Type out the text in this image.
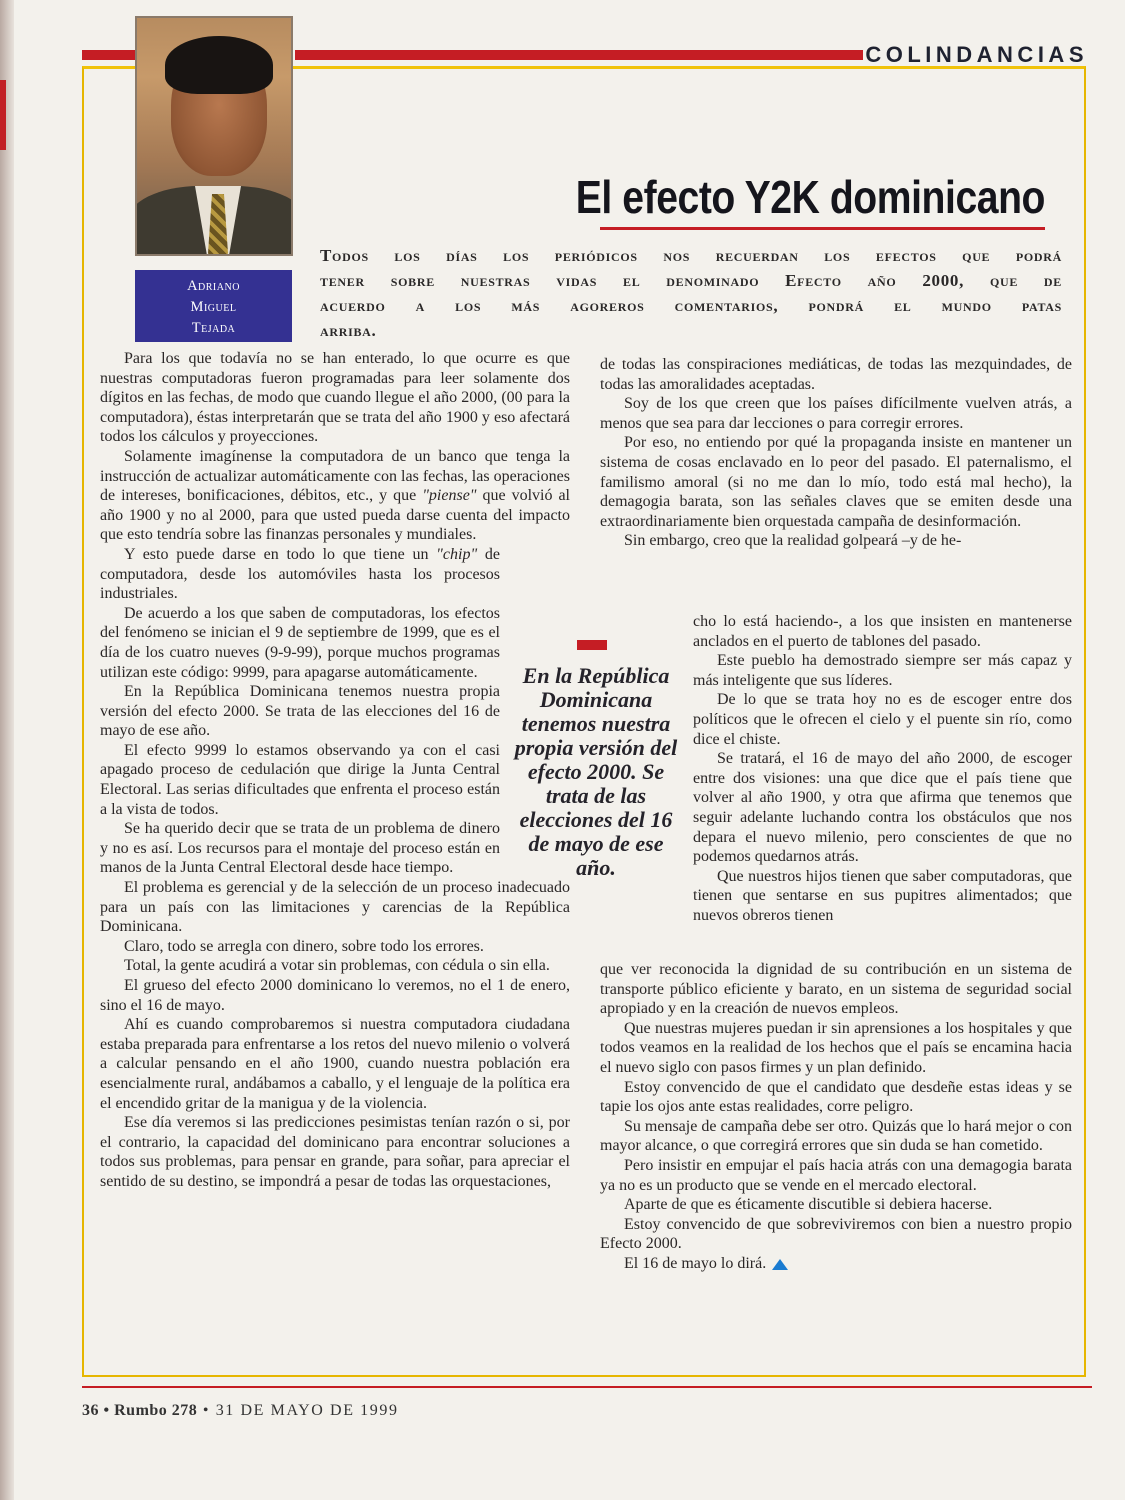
COLINDANCIAS
Adriano
Miguel
Tejada
El efecto Y2K dominicano
Todos los días los periódicos nos recuerdan los efectos que podrá
tener sobre nuestras vidas el denominado Efecto año 2000, que de
acuerdo a los más agoreros comentarios, pondrá el mundo patas
arriba.

Para los que todavía no se han enterado, lo que ocurre es que nuestras computadoras fueron programadas para leer solamente dos dígitos en las fechas, de modo que cuando llegue el año 2000, (00 para la computadora), éstas interpretarán que se trata del año 1900 y eso afectará todos los cálculos y proyecciones.

Solamente imagínense la computadora de un banco que tenga la instrucción de actualizar automáticamente con las fechas, las operaciones de intereses, bonificaciones, débitos, etc., y que "piense" que volvió al año 1900 y no al 2000, para que usted pueda darse cuenta del impacto que esto tendría sobre las finanzas personales y mundiales.

Y esto puede darse en todo lo que tiene un "chip" de computadora, desde los automóviles hasta los procesos industriales.

De acuerdo a los que saben de computadoras, los efectos del fenómeno se inician el 9 de septiembre de 1999, que es el día de los cuatro nueves (9-9-99), porque muchos programas utilizan este código: 9999, para apagarse automáticamente.

En la República Dominicana tenemos nuestra propia versión del efecto 2000. Se trata de las elecciones del 16 de mayo de ese año.

El efecto 9999 lo estamos observando ya con el casi apagado proceso de cedulación que dirige la Junta Central Electoral. Las serias dificultades que enfrenta el proceso están a la vista de todos.

Se ha querido decir que se trata de un problema de dinero y no es así. Los recursos para el montaje del proceso están en manos de la Junta Central Electoral desde hace tiempo.

El problema es gerencial y de la selección de un proceso inadecuado para un país con las limitaciones y carencias de la República Dominicana.

Claro, todo se arregla con dinero, sobre todo los errores.

Total, la gente acudirá a votar sin problemas, con cédula o sin ella.

El grueso del efecto 2000 dominicano lo veremos, no el 1 de enero, sino el 16 de mayo.

Ahí es cuando comprobaremos si nuestra computadora ciudadana estaba preparada para enfrentarse a los retos del nuevo milenio o volverá a calcular pensando en el año 1900, cuando nuestra población era esencialmente rural, andábamos a caballo, y el lenguaje de la política era el encendido gritar de la manigua y de la violencia.

Ese día veremos si las predicciones pesimistas tenían razón o si, por el contrario, la capacidad del dominicano para encontrar soluciones a todos sus problemas, para pensar en grande, para soñar, para apreciar el sentido de su destino, se impondrá a pesar de todas las orquestaciones,

En la República Dominicana tenemos nuestra propia versión del efecto 2000. Se trata de las elecciones del 16 de mayo de ese año.

de todas las conspiraciones mediáticas, de todas las mezquindades, de todas las amoralidades aceptadas.

Soy de los que creen que los países difícilmente vuelven atrás, a menos que sea para dar lecciones o para corregir errores.

Por eso, no entiendo por qué la propaganda insiste en mantener un sistema de cosas enclavado en lo peor del pasado. El paternalismo, el familismo amoral (si no me dan lo mío, todo está mal hecho), la demagogia barata, son las señales claves que se emiten desde una extraordinariamente bien orquestada campaña de desinformación.

Sin embargo, creo que la realidad golpeará –y de he-

cho lo está haciendo-, a los que insisten en mantenerse anclados en el puerto de tablones del pasado.

Este pueblo ha demostrado siempre ser más capaz y más inteligente que sus líderes.

De lo que se trata hoy no es de escoger entre dos políticos que le ofrecen el cielo y el puente sin río, como dice el chiste.

Se tratará, el 16 de mayo del año 2000, de escoger entre dos visiones: una que dice que el país tiene que volver al año 1900, y otra que afirma que tenemos que seguir adelante luchando contra los obstáculos que nos depara el nuevo milenio, pero conscientes de que no podemos quedarnos atrás.

Que nuestros hijos tienen que saber computadoras, que tienen que sentarse en sus pupitres alimentados; que nuevos obreros tienen

que ver reconocida la dignidad de su contribución en un sistema de transporte público eficiente y barato, en un sistema de seguridad social apropiado y en la creación de nuevos empleos.

Que nuestras mujeres puedan ir sin aprensiones a los hospitales y que todos veamos en la realidad de los hechos que el país se encamina hacia el nuevo siglo con pasos firmes y un plan definido.

Estoy convencido de que el candidato que desdeñe estas ideas y se tapie los ojos ante estas realidades, corre peligro.

Su mensaje de campaña debe ser otro. Quizás que lo hará mejor o con mayor alcance, o que corregirá errores que sin duda se han cometido.

Pero insistir en empujar el país hacia atrás con una demagogia barata ya no es un producto que se vende en el mercado electoral.

Aparte de que es éticamente discutible si debiera hacerse.

Estoy convencido de que sobreviviremos con bien a nuestro propio Efecto 2000.

El 16 de mayo lo dirá.

36 • Rumbo 278 • 31 DE MAYO DE 1999
